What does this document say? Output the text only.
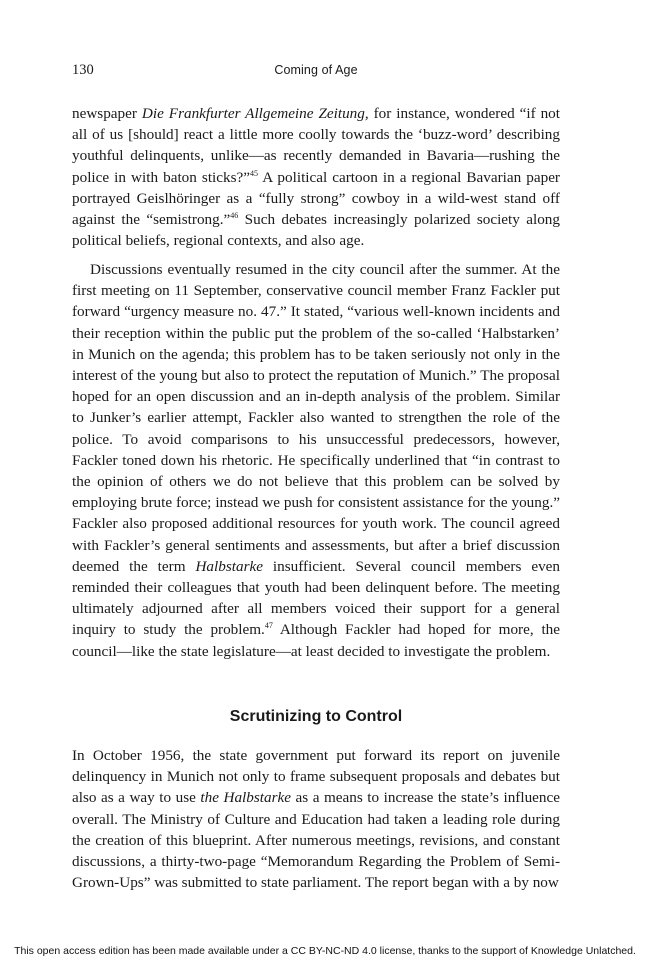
130	Coming of Age

newspaper Die Frankfurter Allgemeine Zeitung, for instance, wondered “if not all of us [should] react a little more coolly towards the ‘buzz-word’ describing youthful delinquents, unlike—as recently demanded in Bavaria—rushing the police in with baton sticks?”$^{45}$ A political cartoon in a regional Bavarian paper portrayed Geislhöringer as a “fully strong” cowboy in a wild-west stand off against the “semistrong.”$^{46}$ Such debates increasingly polarized society along political beliefs, regional contexts, and also age.

Discussions eventually resumed in the city council after the summer. At the first meeting on 11 September, conservative council member Franz Fackler put forward “urgency measure no. 47.” It stated, “various well-known incidents and their reception within the public put the problem of the so-called ‘Halbstarken’ in Munich on the agenda; this problem has to be taken seriously not only in the interest of the young but also to protect the reputation of Munich.” The proposal hoped for an open discussion and an in-depth analysis of the problem. Similar to Junker’s earlier attempt, Fackler also wanted to strengthen the role of the police. To avoid comparisons to his unsuccessful predecessors, however, Fackler toned down his rhetoric. He specifically underlined that “in contrast to the opinion of others we do not believe that this problem can be solved by employing brute force; instead we push for consistent assistance for the young.” Fackler also proposed additional resources for youth work. The council agreed with Fackler’s general sentiments and assessments, but after a brief discussion deemed the term Halbstarke insufficient. Several council members even reminded their colleagues that youth had been delinquent before. The meeting ultimately adjourned after all members voiced their support for a general inquiry to study the problem.$^{47}$ Although Fackler had hoped for more, the council—like the state legislature—at least decided to investigate the problem.

Scrutinizing to Control

In October 1956, the state government put forward its report on juvenile delinquency in Munich not only to frame subsequent proposals and debates but also as a way to use the Halbstarke as a means to increase the state’s influence overall. The Ministry of Culture and Education had taken a leading role during the creation of this blueprint. After numerous meetings, revisions, and constant discussions, a thirty-two-page “Memorandum Regarding the Problem of Semi-Grown-Ups” was submitted to state parliament. The report began with a by now

This open access edition has been made available under a CC BY-NC-ND 4.0 license, thanks to the support of Knowledge Unlatched.
